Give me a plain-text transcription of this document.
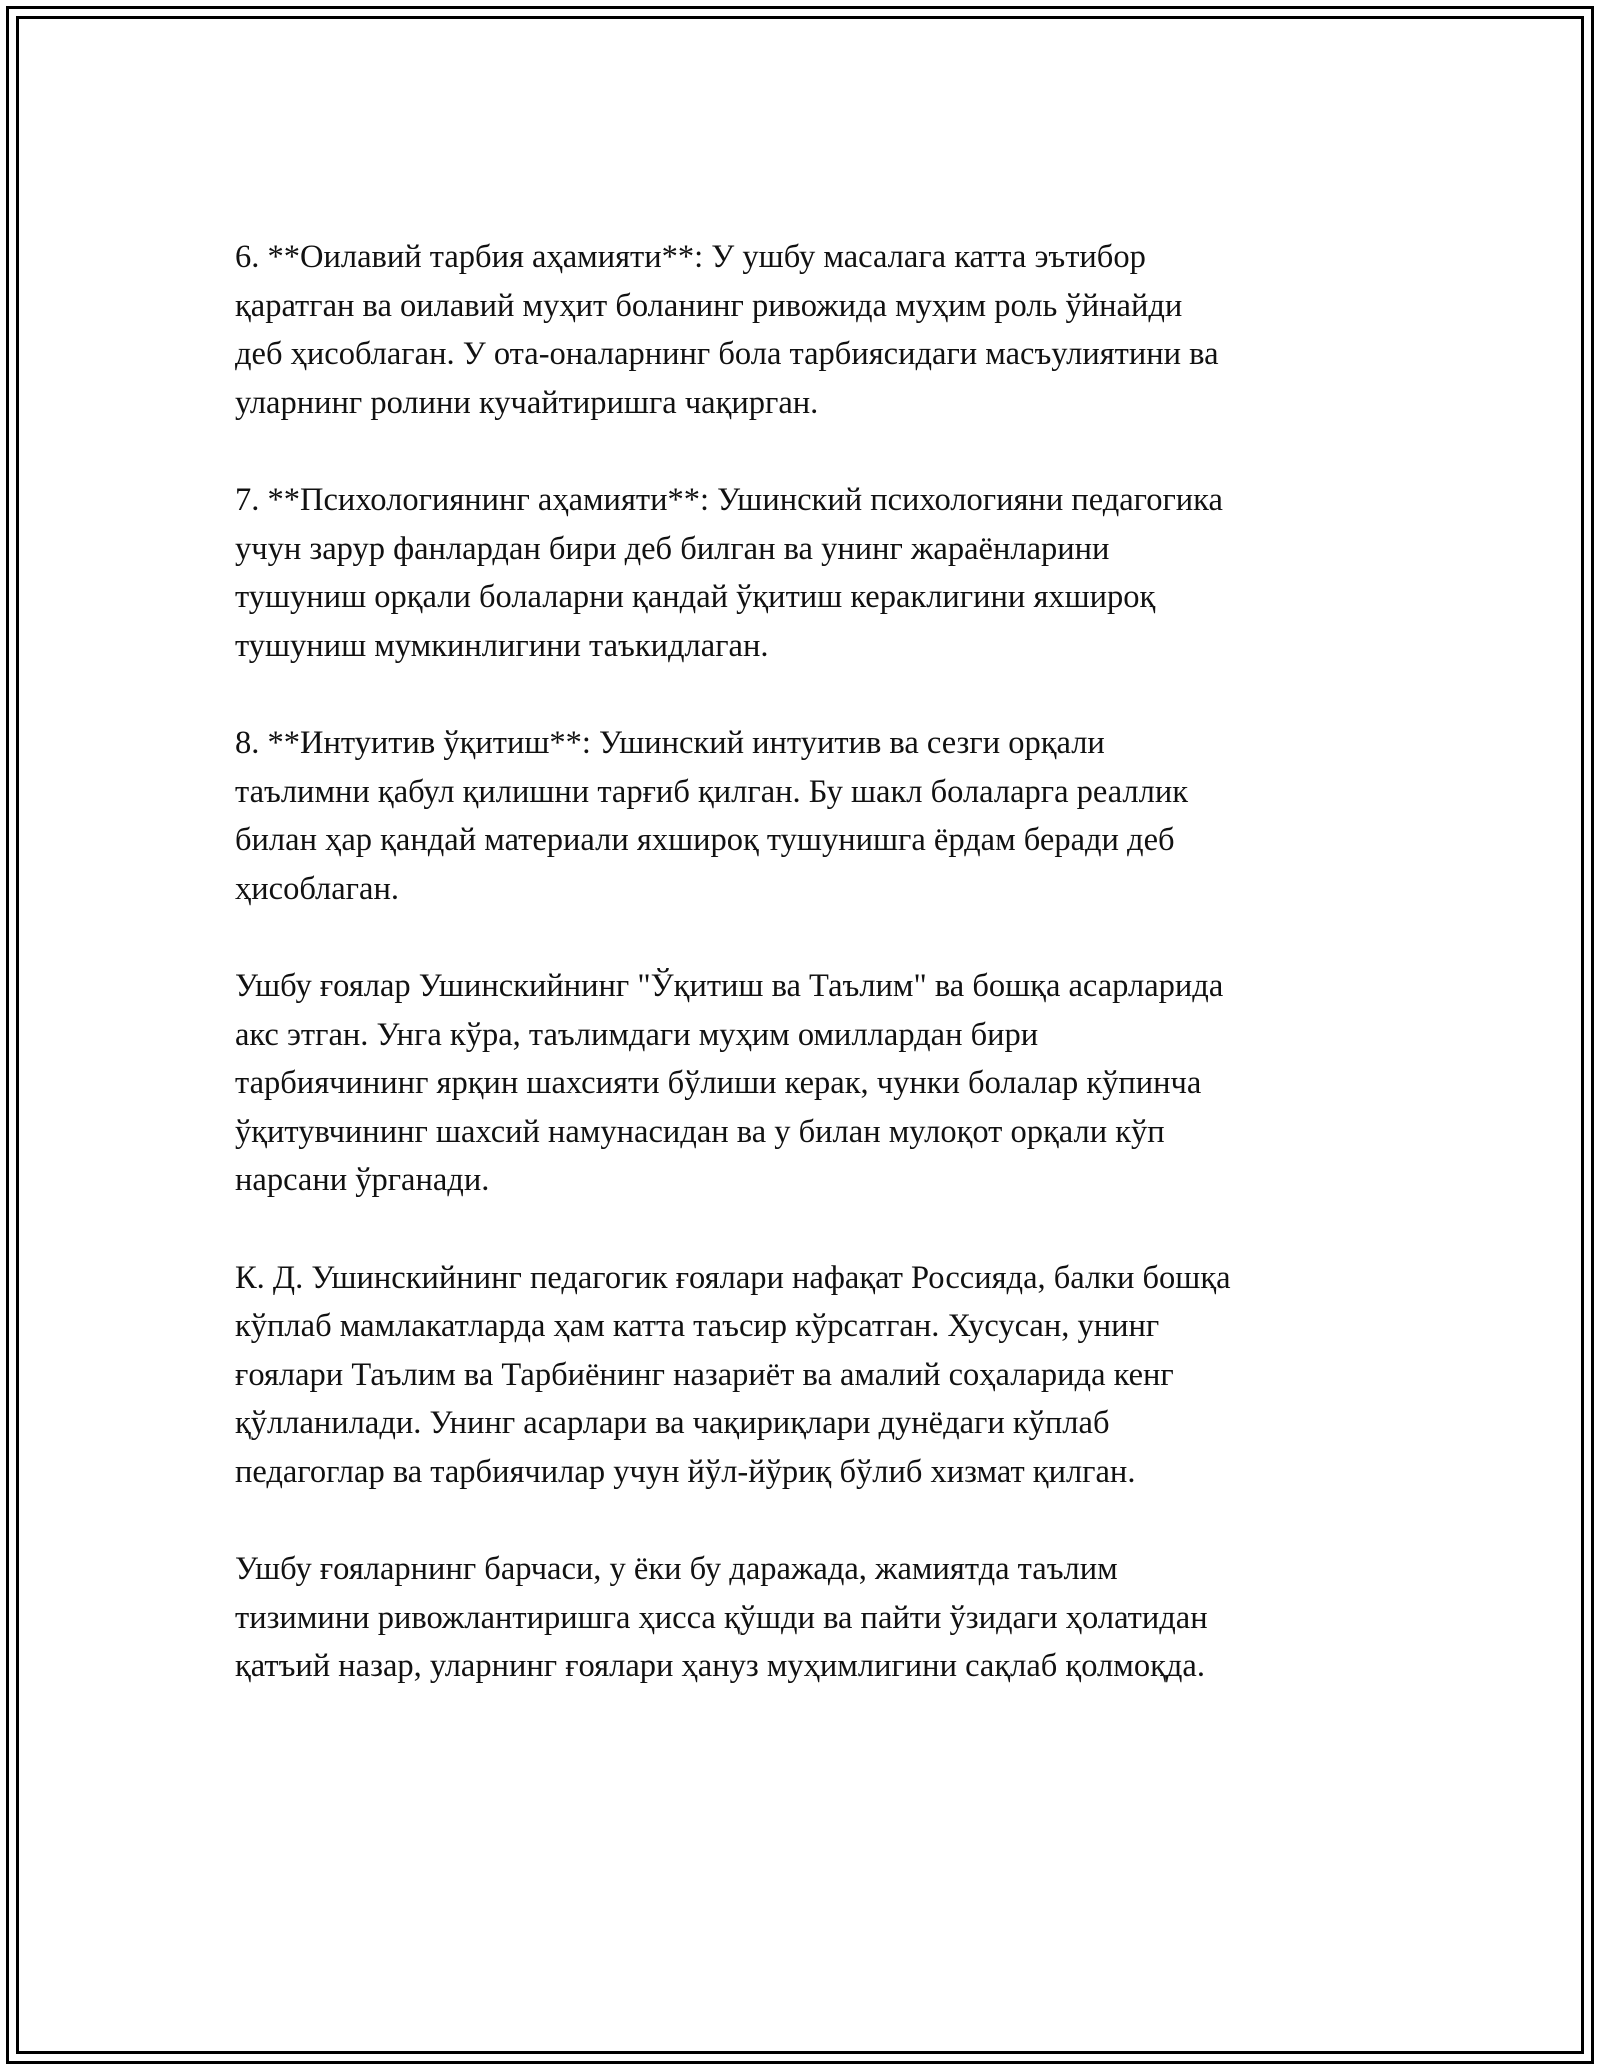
6. **Оилавий тарбия аҳамияти**: У ушбу масалага катта эътибор
қаратган ва оилавий муҳит боланинг ривожида муҳим роль ўйнайди
деб ҳисоблаган. У ота-оналарнинг бола тарбиясидаги масъулиятини ва
уларнинг ролини кучайтиришга чақирган.

7. **Психологиянинг аҳамияти**: Ушинский психологияни педагогика
учун зарур фанлардан бири деб билган ва унинг жараёнларини
тушуниш орқали болаларни қандай ўқитиш кераклигини яхшироқ
тушуниш мумкинлигини таъкидлаган.

8. **Интуитив ўқитиш**: Ушинский интуитив ва сезги орқали
таълимни қабул қилишни тарғиб қилган. Бу шакл болаларга реаллик
билан ҳар қандай материали яхшироқ тушунишга ёрдам беради деб
ҳисоблаган.

Ушбу ғоялар Ушинскийнинг "Ўқитиш ва Таълим" ва бошқа асарларида
акс этган. Унга кўра, таълимдаги муҳим омиллардан бири
тарбиячининг ярқин шахсияти бўлиши керак, чунки болалар кўпинча
ўқитувчининг шахсий намунасидан ва у билан мулоқот орқали кўп
нарсани ўрганади.

К. Д. Ушинскийнинг педагогик ғоялари нафақат Россияда, балки бошқа
кўплаб мамлакатларда ҳам катта таъсир кўрсатган. Хусусан, унинг
ғоялари Таълим ва Тарбиёнинг назариёт ва амалий соҳаларида кенг
қўлланилади. Унинг асарлари ва чақириқлари дунёдаги кўплаб
педагоглар ва тарбиячилар учун йўл-йўриқ бўлиб хизмат қилган.

Ушбу ғояларнинг барчаси, у ёки бу даражада, жамиятда таълим
тизимини ривожлантиришга ҳисса қўшди ва пайти ўзидаги ҳолатидан
қатъий назар, уларнинг ғоялари ҳануз муҳимлигини сақлаб қолмоқда.
